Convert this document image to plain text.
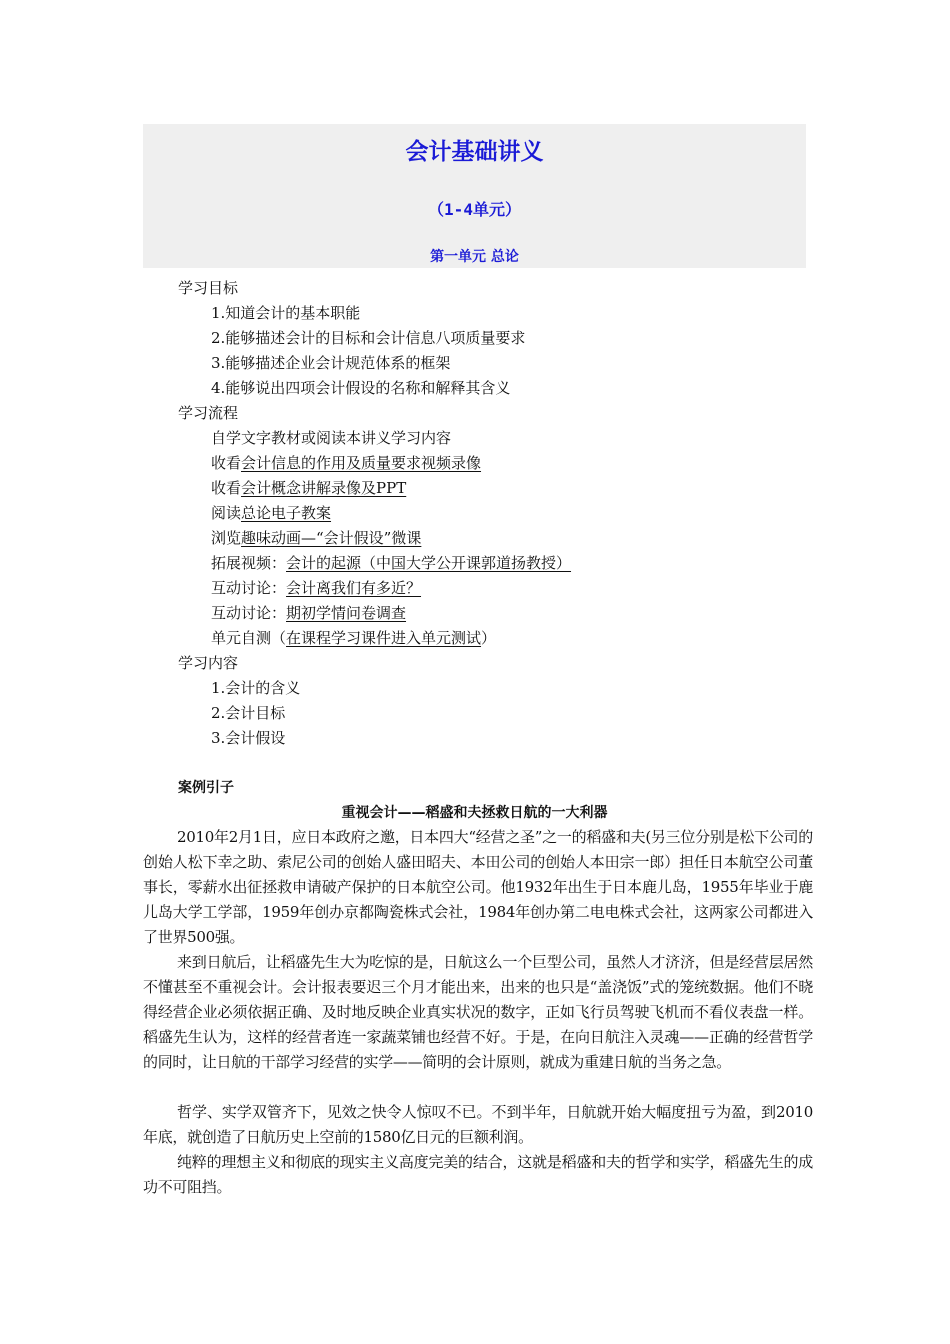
会计基础讲义
（1-4单元）
第一单元 总论
学习目标
1.知道会计的基本职能
2.能够描述会计的目标和会计信息八项质量要求
3.能够描述企业会计规范体系的框架
4.能够说出四项会计假设的名称和解释其含义
学习流程
自学文字教材或阅读本讲义学习内容
收看会计信息的作用及质量要求视频录像
收看会计概念讲解录像及PPT
阅读总论电子教案
浏览趣味动画—“会计假设”微课
拓展视频：会计的起源（中国大学公开课郭道扬教授）
互动讨论：会计离我们有多近？
互动讨论：期初学情问卷调查
单元自测（在课程学习课件进入单元测试）
学习内容
1.会计的含义
2.会计目标
3.会计假设
案例引子
重视会计——稻盛和夫拯救日航的一大利器

2010年2月1日，应日本政府之邀，日本四大“经营之圣”之一的稻盛和夫(另三位分别是松下公司的创始人松下幸之助、索尼公司的创始人盛田昭夫、本田公司的创始人本田宗一郎）担任日本航空公司董事长，零薪水出征拯救申请破产保护的日本航空公司。他1932年出生于日本鹿儿岛，1955年毕业于鹿儿岛大学工学部，1959年创办京都陶瓷株式会社，1984年创办第二电电株式会社，这两家公司都进入了世界500强。

来到日航后，让稻盛先生大为吃惊的是，日航这么一个巨型公司，虽然人才济济，但是经营层居然不懂甚至不重视会计。会计报表要迟三个月才能出来，出来的也只是“盖浇饭”式的笼统数据。他们不晓得经营企业必须依据正确、及时地反映企业真实状况的数字，正如飞行员驾驶飞机而不看仪表盘一样。稻盛先生认为，这样的经营者连一家蔬菜铺也经营不好。于是，在向日航注入灵魂——正确的经营哲学的同时，让日航的干部学习经营的实学——简明的会计原则，就成为重建日航的当务之急。

哲学、实学双管齐下，见效之快令人惊叹不已。不到半年，日航就开始大幅度扭亏为盈，到2010年底，就创造了日航历史上空前的1580亿日元的巨额利润。

纯粹的理想主义和彻底的现实主义高度完美的结合，这就是稻盛和夫的哲学和实学，稻盛先生的成功不可阻挡。
